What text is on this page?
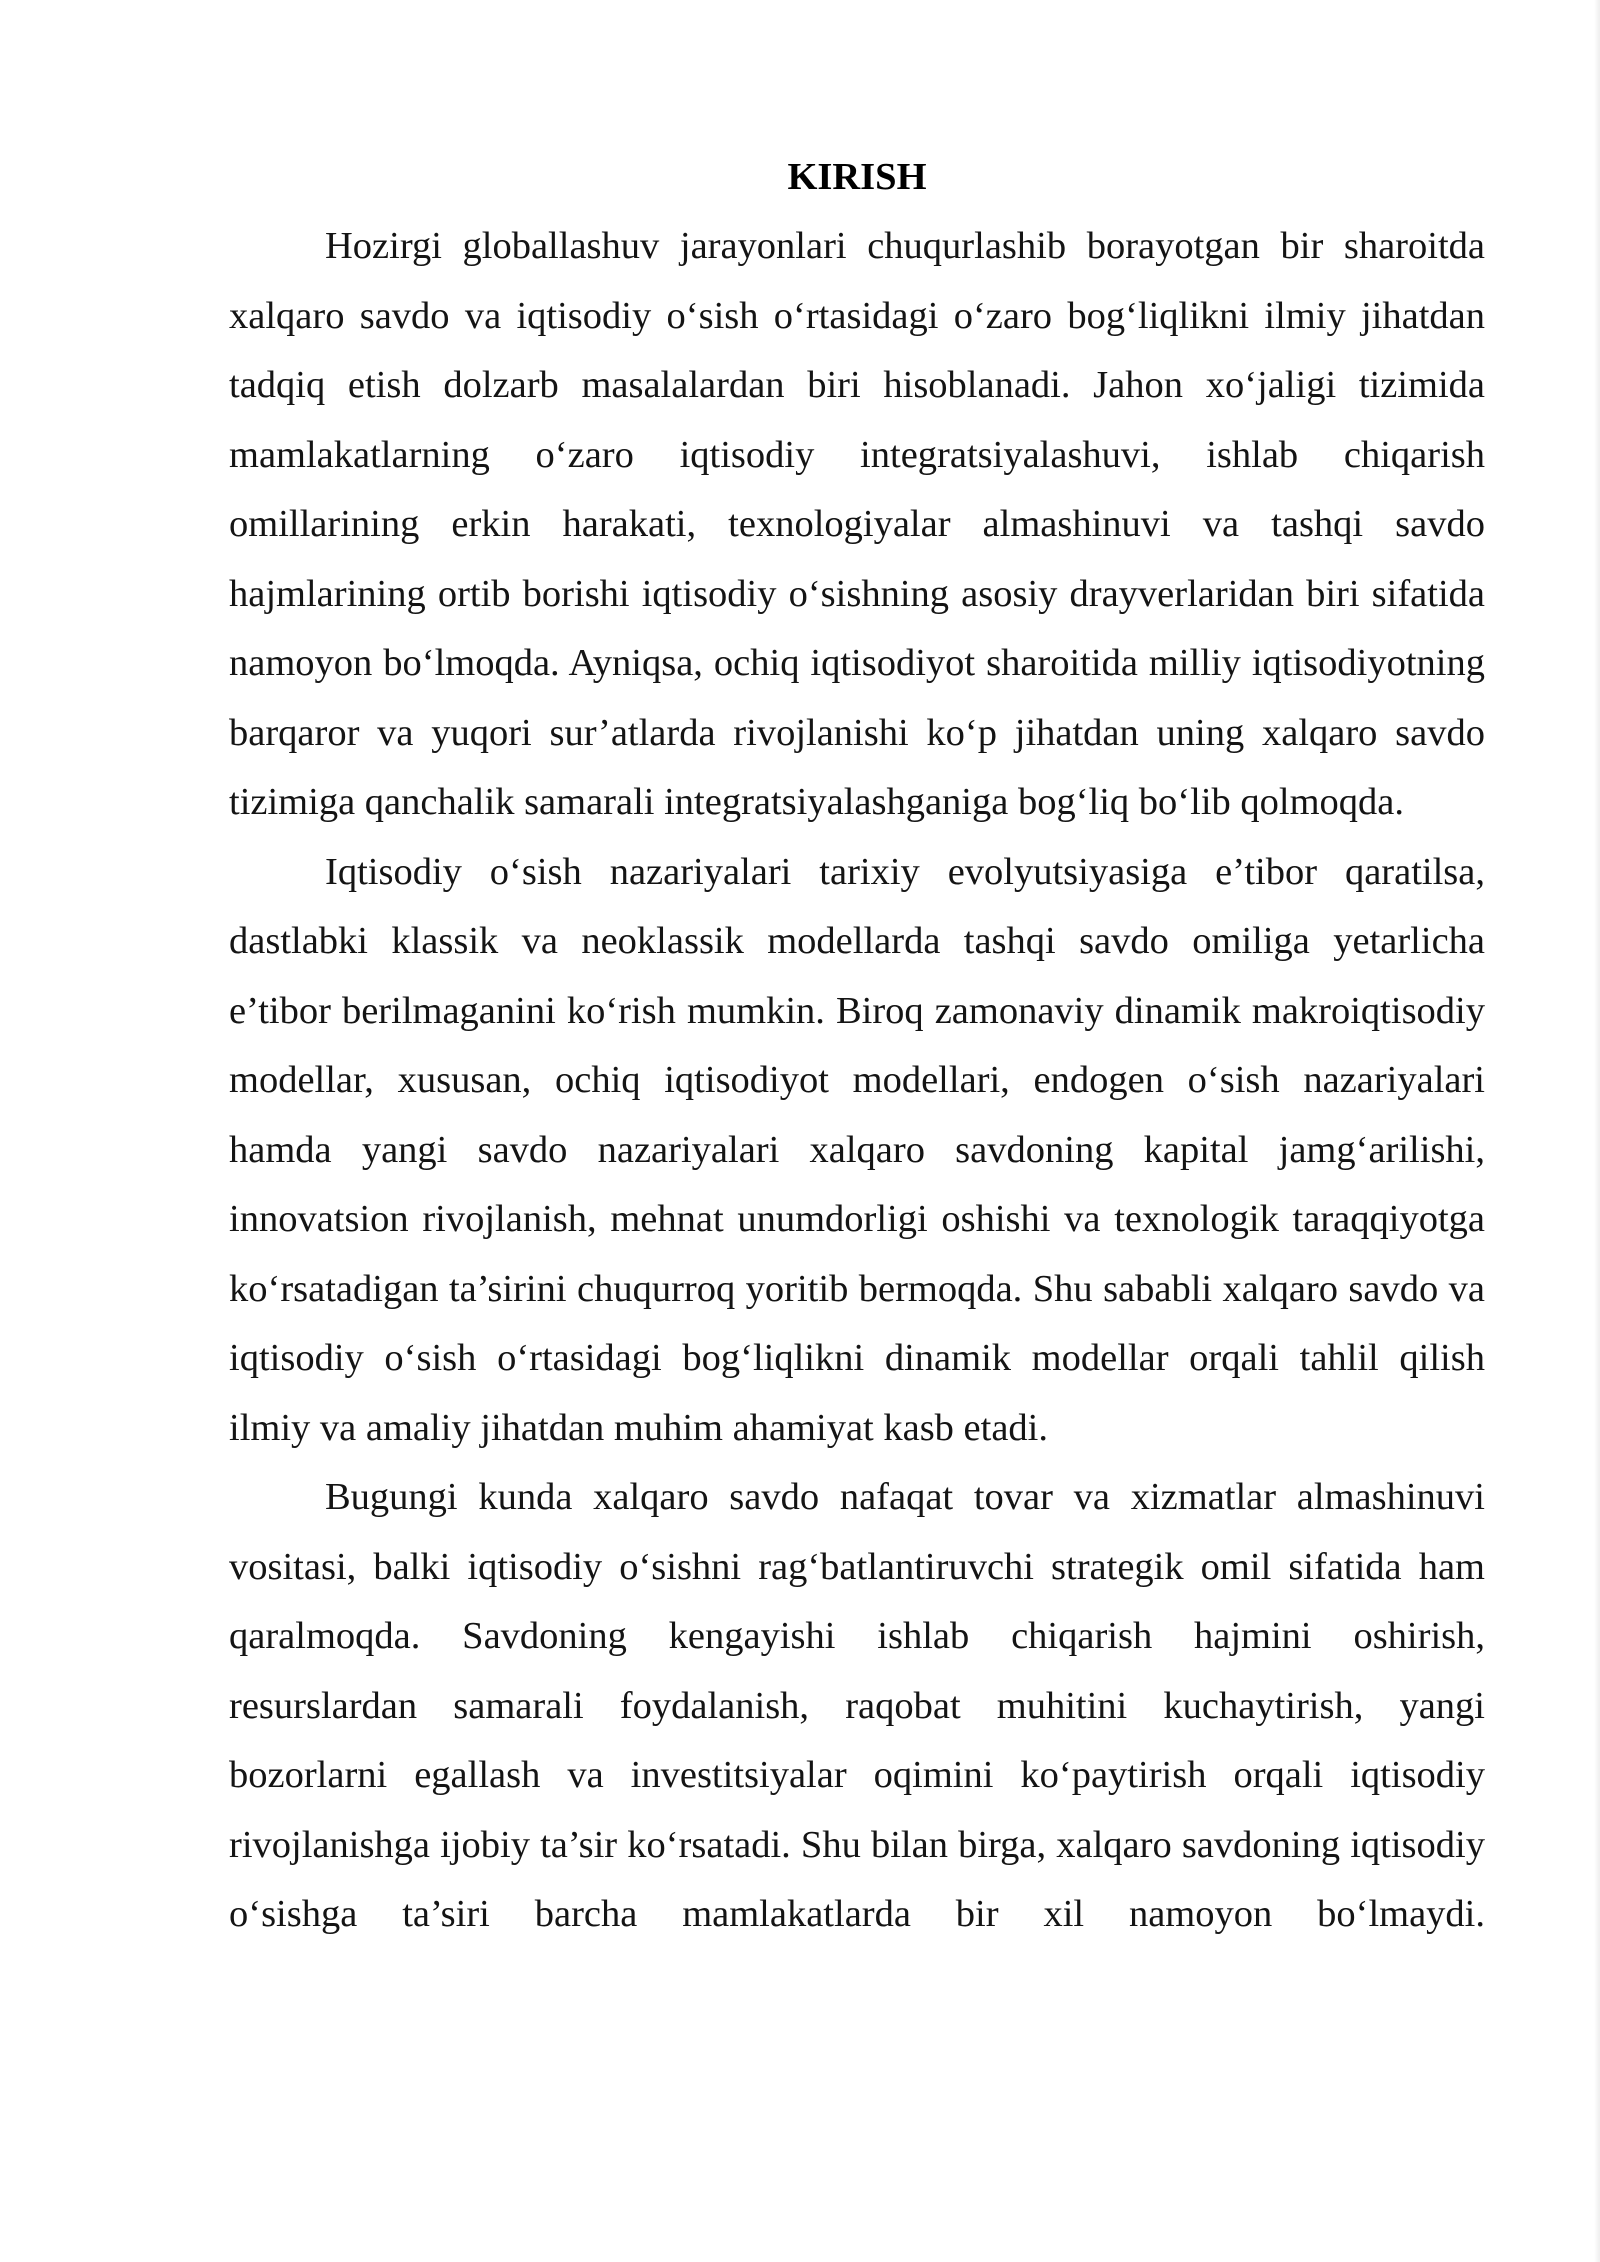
KIRISH

Hozirgi globallashuv jarayonlari chuqurlashib borayotgan bir sharoitda xalqaro savdo va iqtisodiy o‘sish o‘rtasidagi o‘zaro bog‘liqlikni ilmiy jihatdan tadqiq etish dolzarb masalalardan biri hisoblanadi. Jahon xo‘jaligi tizimida mamlakatlarning o‘zaro iqtisodiy integratsiyalashuvi, ishlab chiqarish omillarining erkin harakati, texnologiyalar almashinuvi va tashqi savdo hajmlarining ortib borishi iqtisodiy o‘sishning asosiy drayverlaridan biri sifatida namoyon bo‘lmoqda. Ayniqsa, ochiq iqtisodiyot sharoitida milliy iqtisodiyotning barqaror va yuqori sur’atlarda rivojlanishi ko‘p jihatdan uning xalqaro savdo tizimiga qanchalik samarali integratsiyalashganiga bog‘liq bo‘lib qolmoqda.

Iqtisodiy o‘sish nazariyalari tarixiy evolyutsiyasiga e’tibor qaratilsa, dastlabki klassik va neoklassik modellarda tashqi savdo omiliga yetarlicha e’tibor berilmaganini ko‘rish mumkin. Biroq zamonaviy dinamik makroiqtisodiy modellar, xususan, ochiq iqtisodiyot modellari, endogen o‘sish nazariyalari hamda yangi savdo nazariyalari xalqaro savdoning kapital jamg‘arilishi, innovatsion rivojlanish, mehnat unumdorligi oshishi va texnologik taraqqiyotga ko‘rsatadigan ta’sirini chuqurroq yoritib bermoqda. Shu sababli xalqaro savdo va iqtisodiy o‘sish o‘rtasidagi bog‘liqlikni dinamik modellar orqali tahlil qilish ilmiy va amaliy jihatdan muhim ahamiyat kasb etadi.

Bugungi kunda xalqaro savdo nafaqat tovar va xizmatlar almashinuvi vositasi, balki iqtisodiy o‘sishni rag‘batlantiruvchi strategik omil sifatida ham qaralmoqda. Savdoning kengayishi ishlab chiqarish hajmini oshirish, resurslardan samarali foydalanish, raqobat muhitini kuchaytirish, yangi bozorlarni egallash va investitsiyalar oqimini ko‘paytirish orqali iqtisodiy rivojlanishga ijobiy ta’sir ko‘rsatadi. Shu bilan birga, xalqaro savdoning iqtisodiy o‘sishga ta’siri barcha mamlakatlarda bir xil namoyon bo‘lmaydi.
